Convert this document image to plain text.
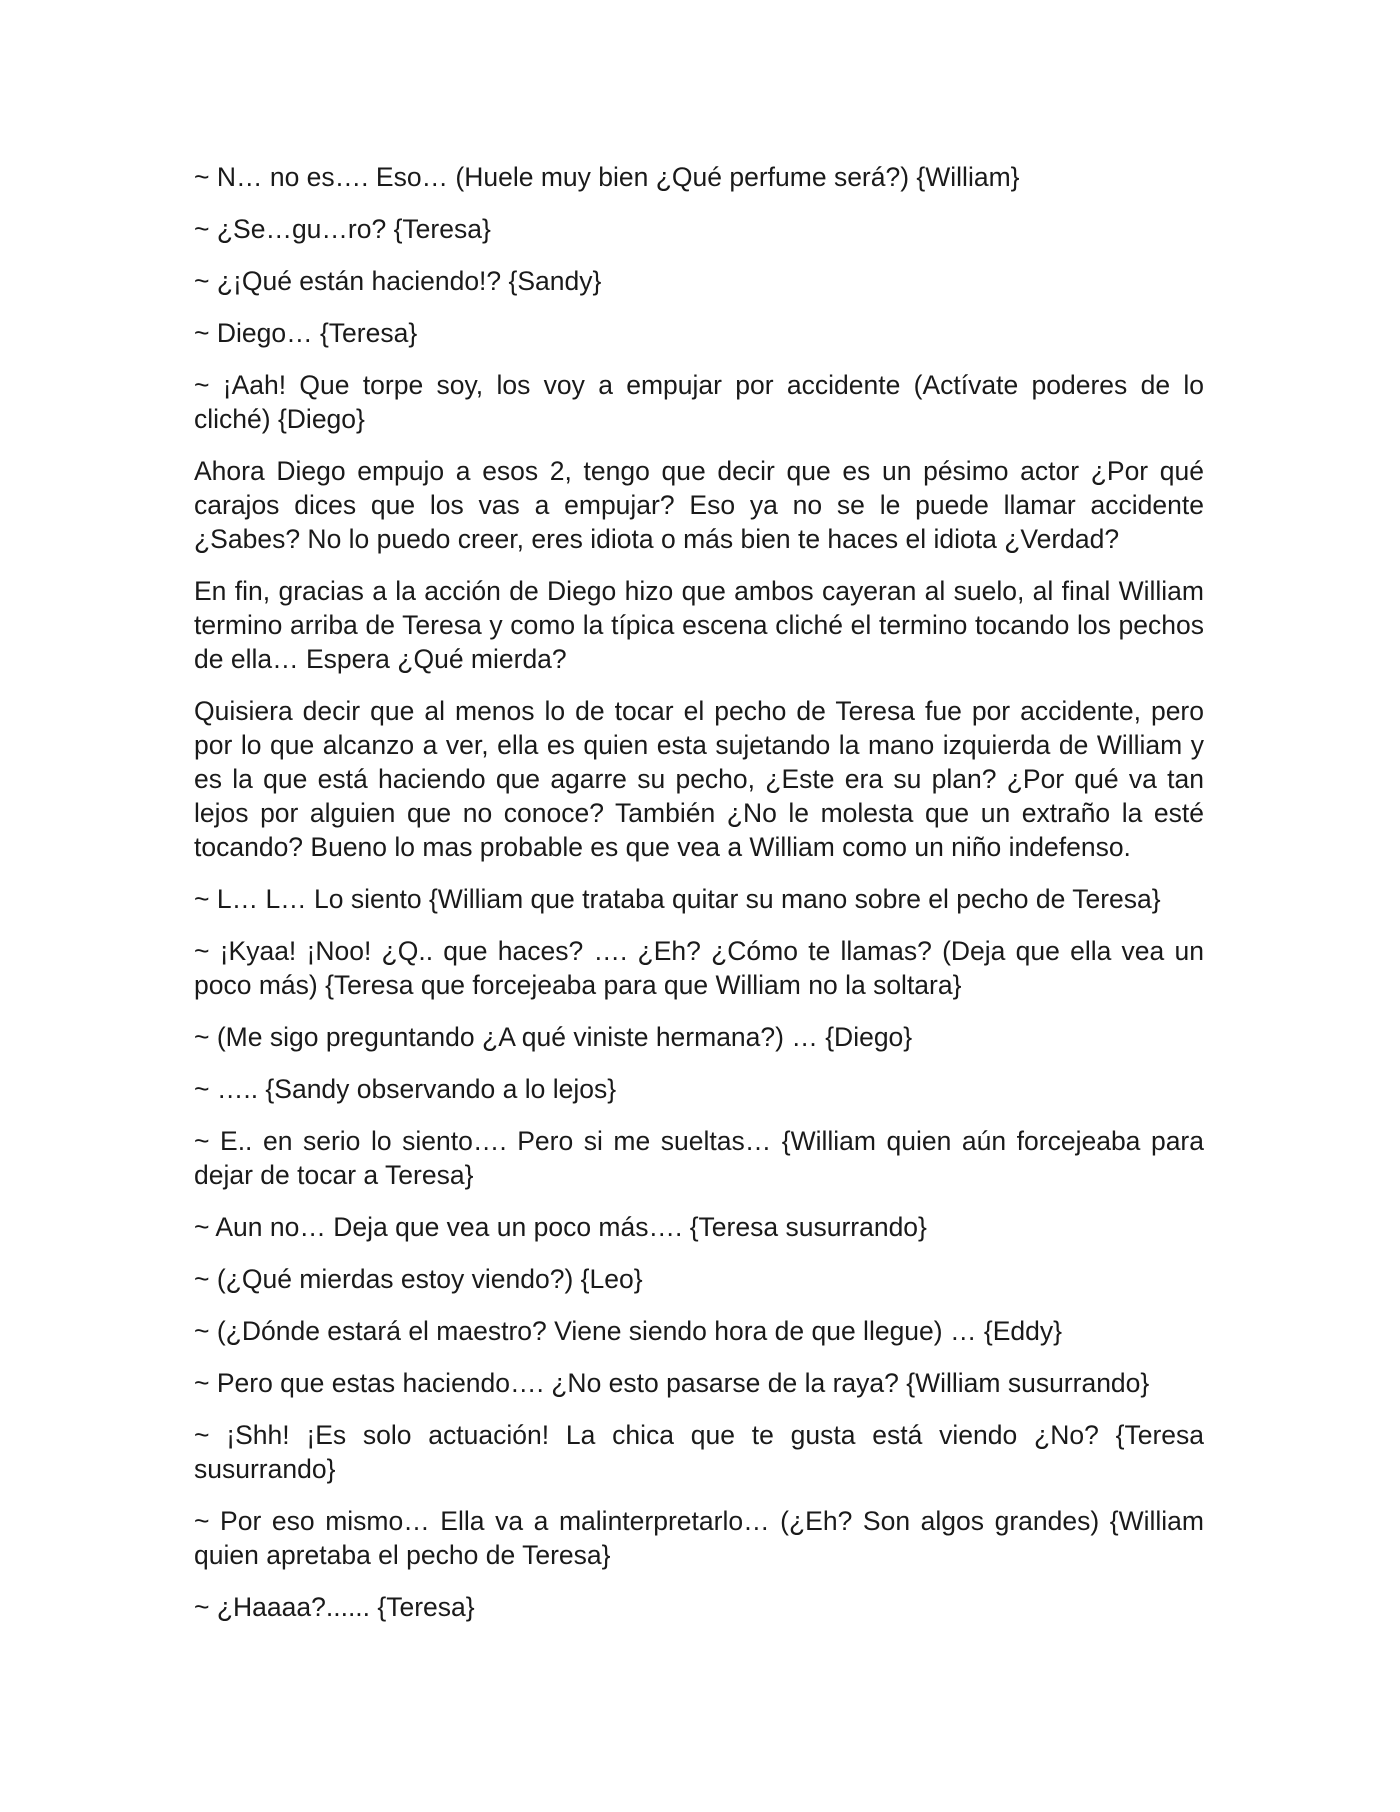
~ N… no es…. Eso… (Huele muy bien ¿Qué perfume será?) {William}

~ ¿Se…gu…ro? {Teresa}

~ ¿¡Qué están haciendo!? {Sandy}

~ Diego… {Teresa}

~ ¡Aah! Que torpe soy, los voy a empujar por accidente (Actívate poderes de lo cliché) {Diego}

Ahora Diego empujo a esos 2, tengo que decir que es un pésimo actor ¿Por qué carajos dices que los vas a empujar? Eso ya no se le puede llamar accidente ¿Sabes? No lo puedo creer, eres idiota o más bien te haces el idiota ¿Verdad?

En fin, gracias a la acción de Diego hizo que ambos cayeran al suelo, al final William termino arriba de Teresa y como la típica escena cliché el termino tocando los pechos de ella… Espera ¿Qué mierda?

Quisiera decir que al menos lo de tocar el pecho de Teresa fue por accidente, pero por lo que alcanzo a ver, ella es quien esta sujetando la mano izquierda de William y es la que está haciendo que agarre su pecho, ¿Este era su plan? ¿Por qué va tan lejos por alguien que no conoce? También ¿No le molesta que un extraño la esté tocando? Bueno lo mas probable es que vea a William como un niño indefenso.

~ L… L… Lo siento {William que trataba quitar su mano sobre el pecho de Teresa}

~ ¡Kyaa! ¡Noo! ¿Q.. que haces? …. ¿Eh? ¿Cómo te llamas? (Deja que ella vea un poco más) {Teresa que forcejeaba para que William no la soltara}

~ (Me sigo preguntando ¿A qué viniste hermana?) … {Diego}

~ ….. {Sandy observando a lo lejos}

~ E.. en serio lo siento…. Pero si me sueltas… {William quien aún forcejeaba para dejar de tocar a Teresa}

~ Aun no… Deja que vea un poco más…. {Teresa susurrando}

~ (¿Qué mierdas estoy viendo?) {Leo}

~ (¿Dónde estará el maestro? Viene siendo hora de que llegue) … {Eddy}

~ Pero que estas haciendo…. ¿No esto pasarse de la raya? {William susurrando}

~ ¡Shh! ¡Es solo actuación! La chica que te gusta está viendo ¿No? {Teresa susurrando}

~ Por eso mismo… Ella va a malinterpretarlo… (¿Eh? Son algos grandes) {William quien apretaba el pecho de Teresa}

~ ¿Haaaa?...... {Teresa}
